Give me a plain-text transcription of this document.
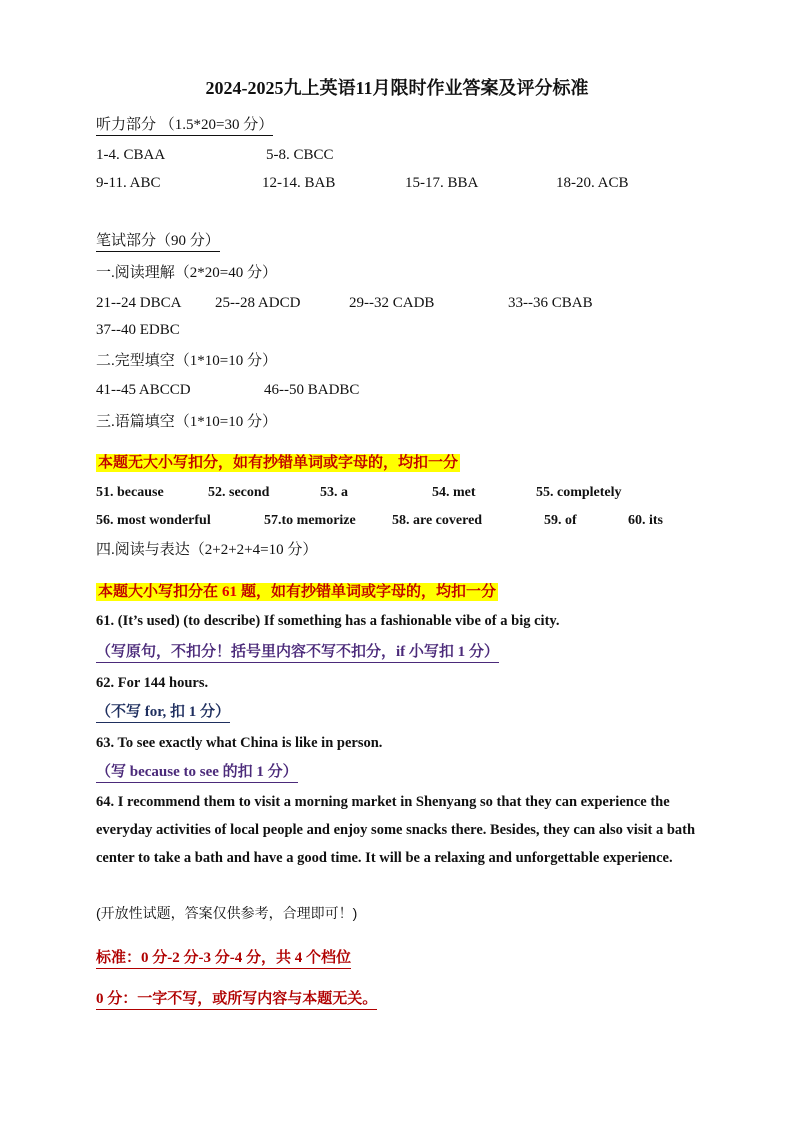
2024-2025九上英语11月限时作业答案及评分标准
听力部分 （1.5*20=30 分）
1-4. CBAA	5-8. CBCC
9-11. ABC	12-14. BAB	15-17. BBA	18-20. ACB
笔试部分（90 分）
一.阅读理解（2*20=40 分）
21--24 DBCA 25--28 ADCD	29--32 CADB	33--36 CBAB
37--40 EDBC
二.完型填空（1*10=10 分）
41--45 ABCCD	46--50 BADBC
三.语篇填空（1*10=10 分）
本题无大小写扣分，如有抄错单词或字母的，均扣一分
51. because	52. second	53. a	54. met	55. completely
56. most wonderful	57.to memorize	58. are covered	59. of	60. its
四.阅读与表达（2+2+2+4=10 分）
本题大小写扣分在 61 题，如有抄错单词或字母的，均扣一分
61. (It’s used) (to describe) If something has a fashionable vibe of a big city.
（写原句，不扣分！括号里内容不写不扣分，if 小写扣 1 分）
62. For 144 hours.
（不写 for, 扣 1 分）
63. To see exactly what China is like in person.
（写 because to see 的扣 1 分）
64. I recommend them to visit a morning market in Shenyang so that they can experience the everyday activities of local people and enjoy some snacks there. Besides, they can also visit a bath center to take a bath and have a good time. It will be a relaxing and unforgettable experience.
(开放性试题，答案仅供参考，合理即可！)
标准：0 分-2 分-3 分-4 分，共 4 个档位
0 分：一字不写，或所写内容与本题无关。
